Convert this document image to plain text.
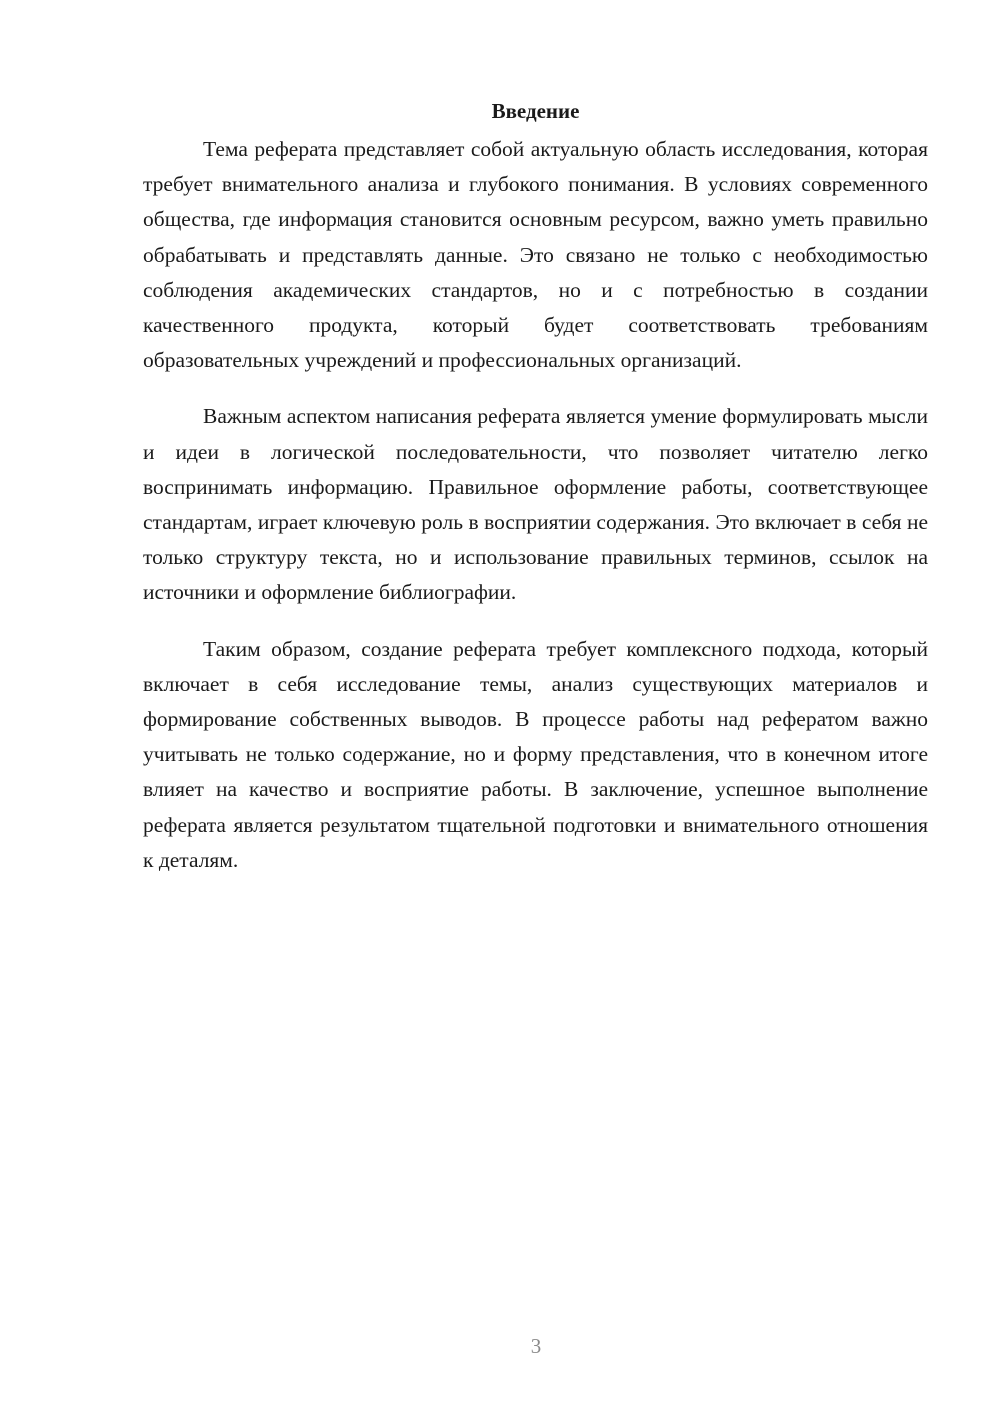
Введение

Тема реферата представляет собой актуальную область исследования, которая требует внимательного анализа и глубокого понимания. В условиях современного общества, где информация становится основным ресурсом, важно уметь правильно обрабатывать и представлять данные. Это связано не только с необходимостью соблюдения академических стандартов, но и с потребностью в создании качественного продукта, который будет соответствовать требованиям образовательных учреждений и профессиональных организаций.

Важным аспектом написания реферата является умение формулировать мысли и идеи в логической последовательности, что позволяет читателю легко воспринимать информацию. Правильное оформление работы, соответствующее стандартам, играет ключевую роль в восприятии содержания. Это включает в себя не только структуру текста, но и использование правильных терминов, ссылок на источники и оформление библиографии.

Таким образом, создание реферата требует комплексного подхода, который включает в себя исследование темы, анализ существующих материалов и формирование собственных выводов. В процессе работы над рефератом важно учитывать не только содержание, но и форму представления, что в конечном итоге влияет на качество и восприятие работы. В заключение, успешное выполнение реферата является результатом тщательной подготовки и внимательного отношения к деталям.

3
